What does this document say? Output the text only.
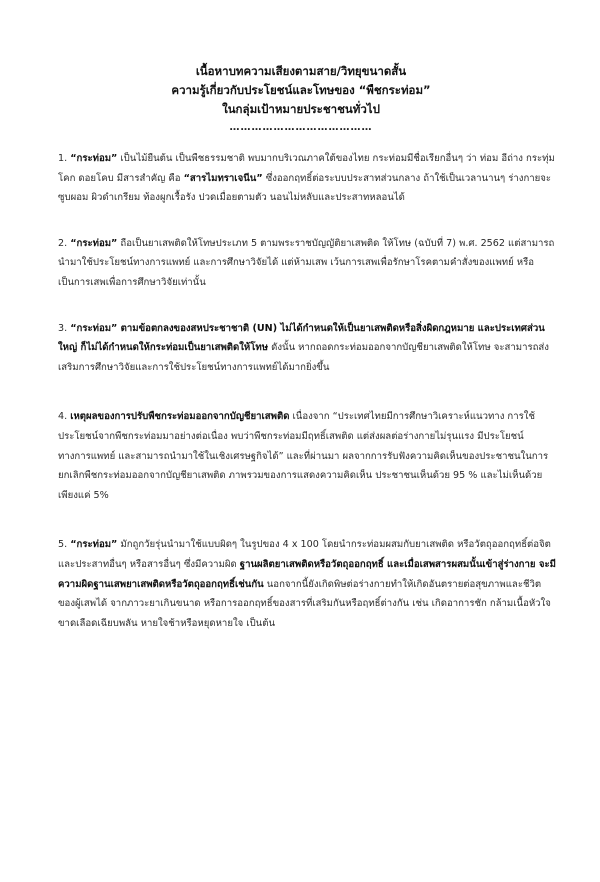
เนื้อหาบทความเสียงตามสาย/วิทยุขนาดสั้น
ความรู้เกี่ยวกับประโยชน์และโทษของ “พืชกระท่อม”
ในกลุ่มเป้าหมายประชาชนทั่วไป
…………………………………

1. “กระท่อม” เป็นไม้ยืนต้น เป็นพืชธรรมชาติ พบมากบริเวณภาคใต้ของไทย กระท่อมมีชื่อเรียกอื่นๆ ว่า ท่อม อีถ่าง กระทุ่มโคก ดอยโคบ มีสารสำคัญ คือ “สารไมทราเจนีน” ซึ่งออกฤทธิ์ต่อระบบประสาทส่วนกลาง ถ้าใช้เป็นเวลานานๆ ร่างกายจะซูบผอม ผิวดำเกรียม ท้องผูกเรื้อรัง ปวดเมื่อยตามตัว นอนไม่หลับและประสาทหลอนได้

2. “กระท่อม” ถือเป็นยาเสพติดให้โทษประเภท 5 ตามพระราชบัญญัติยาเสพติด ให้โทษ (ฉบับที่ 7) พ.ศ. 2562 แต่สามารถนำมาใช้ประโยชน์ทางการแพทย์ และการศึกษาวิจัยได้ แต่ห้ามเสพ เว้นการเสพเพื่อรักษาโรคตามคำสั่งของแพทย์ หรือเป็นการเสพเพื่อการศึกษาวิจัยเท่านั้น

3. “กระท่อม” ตามข้อตกลงของสหประชาชาติ (UN) ไม่ได้กำหนดให้เป็นยาเสพติดหรือสิ่งผิดกฎหมาย และประเทศส่วนใหญ่ ก็ไม่ได้กำหนดให้กระท่อมเป็นยาเสพติดให้โทษ ดังนั้น หากถอดกระท่อมออกจากบัญชียาเสพติดให้โทษ จะสามารถส่งเสริมการศึกษาวิจัยและการใช้ประโยชน์ทางการแพทย์ได้มากยิ่งขึ้น

4. เหตุผลของการปรับพืชกระท่อมออกจากบัญชียาเสพติด เนื่องจาก “ประเทศไทยมีการศึกษาวิเคราะห์แนวทาง การใช้ประโยชน์จากพืชกระท่อมมาอย่างต่อเนื่อง พบว่าพืชกระท่อมมีฤทธิ์เสพติด แต่ส่งผลต่อร่างกายไม่รุนแรง มีประโยชน์ทางการแพทย์ และสามารถนำมาใช้ในเชิงเศรษฐกิจได้” และที่ผ่านมา ผลจากการรับฟังความคิดเห็นของประชาชนในการยกเลิกพืชกระท่อมออกจากบัญชียาเสพติด ภาพรวมของการแสดงความคิดเห็น ประชาชนเห็นด้วย 95 % และไม่เห็นด้วยเพียงแค่ 5%

5. “กระท่อม” มักถูกวัยรุ่นนำมาใช้แบบผิดๆ ในรูปของ 4 x 100 โดยนำกระท่อมผสมกับยาเสพติด หรือวัตถุออกฤทธิ์ต่อจิตและประสาทอื่นๆ หรือสารอื่นๆ ซึ่งมีความผิด ฐานผลิตยาเสพติดหรือวัตถุออกฤทธิ์ และเมื่อเสพสารผสมนั้นเข้าสู่ร่างกาย จะมีความผิดฐานเสพยาเสพติดหรือวัตถุออกฤทธิ์เช่นกัน นอกจากนี้ยังเกิดพิษต่อร่างกายทำให้เกิดอันตรายต่อสุขภาพและชีวิตของผู้เสพได้ จากภาวะยาเกินขนาด หรือการออกฤทธิ์ของสารที่เสริมกันหรือฤทธิ์ต่างกัน เช่น เกิดอาการชัก กล้ามเนื้อหัวใจขาดเลือดเฉียบพลัน หายใจช้าหรือหยุดหายใจ เป็นต้น
